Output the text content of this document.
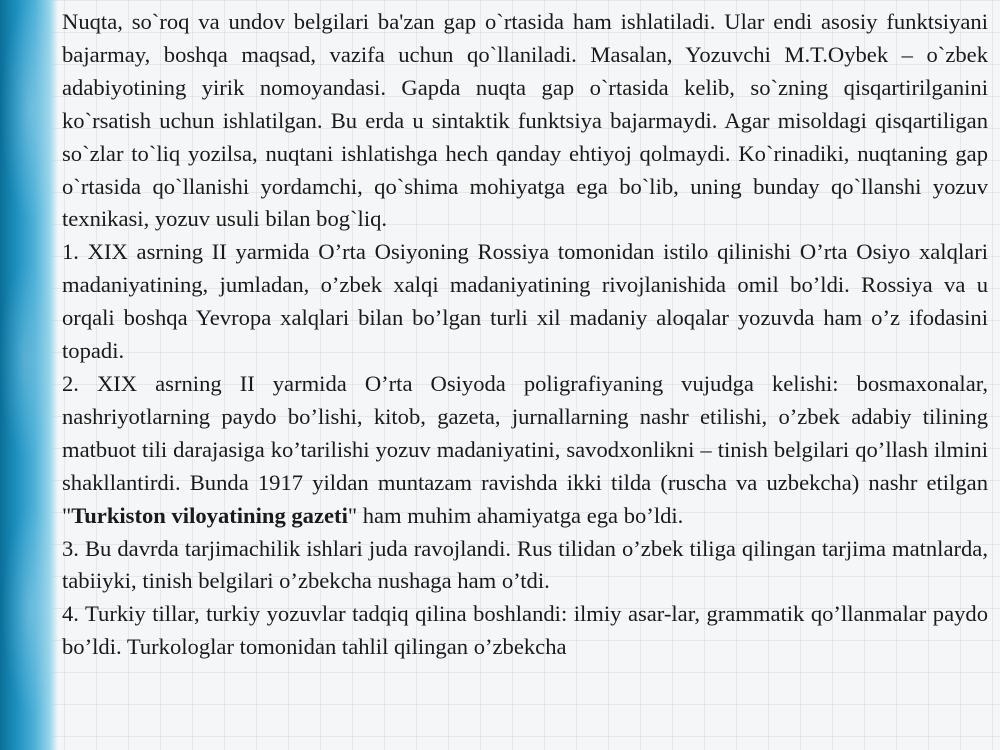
Nuqta, so`roq va undov belgilari ba'zan gap o`rtasida ham ishlatiladi. Ular endi asosiy funktsiyani bajarmay, boshqa maqsad, vazifa uchun qo`llaniladi. Masalan, Yozuvchi M.T.Oybek – o`zbek adabiyotining yirik nomoyandasi. Gapda nuqta gap o`rtasida kelib, so`zning qisqartirilganini ko`rsatish uchun ishlatilgan. Bu erda u sintaktik funktsiya bajarmaydi. Agar misoldagi qisqartiligan so`zlar to`liq yozilsa, nuqtani ishlatishga hech qanday ehtiyoj qolmaydi. Ko`rinadiki, nuqtaning gap o`rtasida qo`llanishi yordamchi, qo`shima mohiyatga ega bo`lib, uning bunday qo`llanshi yozuv texnikasi, yozuv usuli bilan bog`liq.

1. XIX asrning II yarmida O’rta Osiyoning Rossiya tomonidan istilo qilinishi O’rta Osiyo xalqlari madaniyatining, jumladan, o’zbek xalqi madaniyatining rivojlanishida omil bo’ldi. Rossiya va u orqali boshqa Yevropa xalqlari bilan bo’lgan turli xil madaniy aloqalar yozuvda ham o’z ifodasini topadi.

2. XIX asrning II yarmida O’rta Osiyoda poligrafiyaning vujudga kelishi: bosmaxonalar, nashriyotlarning paydo bo’lishi, kitob, gazeta, jurnallarning nashr etilishi, o’zbek adabiy tilining matbuot tili darajasiga ko’tarilishi yozuv madaniyatini, savodxonlikni – tinish belgilari qo’llash ilmini shakllantirdi. Bunda 1917 yildan muntazam ravishda ikki tilda (ruscha va uzbekcha) nashr etilgan "Turkiston viloyatining gazeti" ham muhim ahamiyatga ega bo’ldi.

3. Bu davrda tarjimachilik ishlari juda ravojlandi. Rus tilidan o’zbek tiliga qilingan tarjima matnlarda, tabiiyki, tinish belgilari o’zbekcha nushaga ham o’tdi.

4. Turkiy tillar, turkiy yozuvlar tadqiq qilina boshlandi: ilmiy asar-lar, grammatik qo’llanmalar paydo bo’ldi. Turkologlar tomonidan tahlil qilingan o’zbekcha
